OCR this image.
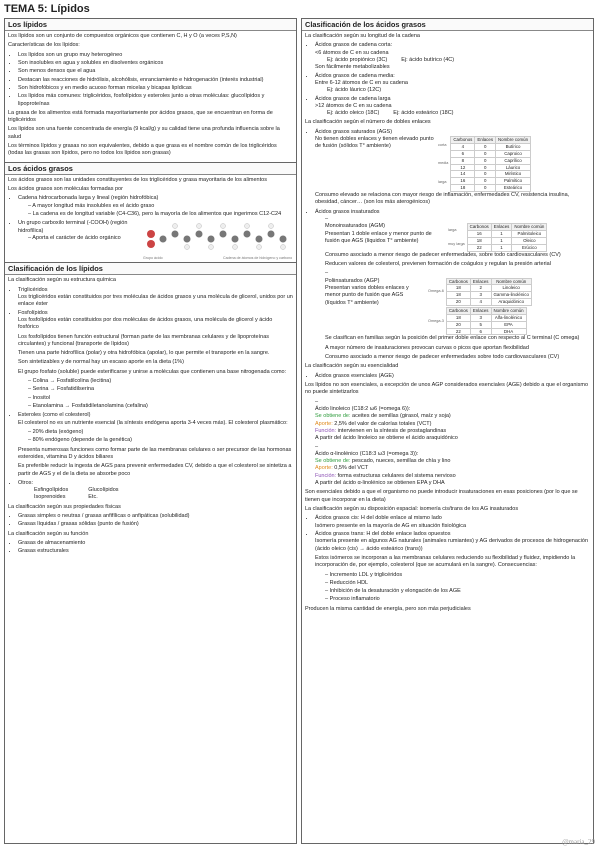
TEMA 5: Lípidos
Los lípidos

Los lípidos son un conjunto de compuestos orgánicos que contienen C, H y O (a veces P,S,N)

Características de los lípidos:

• Los lípidos son un grupo muy heterogéneo
• Son insolubles en agua y solubles en disolventes orgánicos
• Son menos densos que el agua
• Destacan las reacciones de hidrólisis, alcohólisis, enranciamiento e hidrogenación (interés industrial)
• Son hidrofóbicos y en medio acuoso forman micelas y bicapas lipídicas
• Los lípidos más comunes: triglicéridos, fosfolípidos y esteroles junto a otras moléculas: glucolípidos y lipoproteínas

La grasa de los alimentos está formada mayoritariamente por ácidos grasos, que se encuentran en forma de triglicéridos

Los lípidos son una fuente concentrada de energía (9 kcal/g) y su calidad tiene una profunda influencia sobre la salud

Los términos lípidos y grasas no son equivalentes, debido a que grasa es el nombre común de los triglicéridos (todas las grasas son lípidos, pero no todos los lípidos son grasas)

Los ácidos grasos

Los ácidos grasos son las unidades constituyentes de los triglicéridos y grasa mayoritaria de los alimentos

Los ácidos grasos son moléculas formadas por

• Cadena hidrocarbonada larga y lineal (región hidrofóbica)
– A mayor longitud más insolubles es el ácido graso
– La cadena es de longitud variable (C4-C36), pero la mayoría de los alimentos que ingerimos C12-C24
• Un grupo carboxilo terminal (-COOH) (región hidrofílica)
– Aporta el carácter de ácido orgánico
Grupo ácido	Cadena de átomos de hidrógeno y carbono
Clasificación de los lípidos

La clasificación según su estructura química

• Triglicéridos
Los triglicéridos están constituidos por tres moléculas de ácidos grasos y una molécula de glicerol, unidos por un enlace éster
• Fosfolípidos

Los fosfolípidos están constituidos por dos moléculas de ácidos grasos, una molécula de glicerol y ácido fosfórico

Los fosfolípidos tienen función estructural (forman parte de las membranas celulares y de lipoproteínas circulantes) y funcional (transporte de lípidos)

Tienen una parte hidrofílica (polar) y otra hidrofóbica (apolar), lo que permite el transporte en la sangre.

Son sintetizables y de normal hay un escaso aporte en la dieta (1%)

El grupo fosfato (soluble) puede esterificarse y unirse a moléculas que contienen una base nitrogenada como:

– Colina → Fosfatilcolina (lecitina)
– Serina → Fosfatidilserina
– Inositol
– Etanolamina → Fosfatidiletanolamina (cefalina)
• Esteroles (como el colesterol)

El colesterol no es un nutriente esencial (la síntesis endógena aporta 3-4 veces más). El colesterol plasmático:

– 20% dieta (exógeno)
– 80% endógeno (depende de la genética)

Presenta numerosas funciones como formar parte de las membranas celulares o ser precursor de las hormonas esteroides, vitamina D y ácidos biliares

Es preferible reducir la ingesta de AGS para prevenir enfermedades CV, debido a que el colesterol se sintetiza a partir de AGS y el de la dieta se absorbe poco

• Otros:
Esfingolípidos
Isoprenoides
Glucolípidos
Etc.

La clasificación según sus propiedades físicas

• Grasas simples o neutras / grasas anfifílicas o anfipáticas (solubilidad)
• Grasas líquidas / grasas sólidas (punto de fusión)

La clasificación según su función

• Grasas de almacenamiento
• Grasas estructurales
Clasificación de los ácidos grasos

La clasificación según su longitud de la cadena

• Ácidos grasos de cadena corta:
<6 átomos de C en su cadena
Ej: ácido propiónico (3C)	Ej: ácido butírico (4C)
Son fácilmente metabolizables
• Ácidos grasos de cadena media:
Entre 6-12 átomos de C en su cadena
Ej: ácido láurico (12C)
• Ácidos grasos de cadena larga
>12 átomos de C en su cadena
Ej: ácido oleico (18C)	Ej: ácido esteárico (18C)

La clasificación según el número de dobles enlaces

• Ácidos grasos saturados (AGS)

No tienen dobles enlaces y tienen elevado punto de fusión (sólidos T° ambiente)	corta
media
larga
Carbonos	Enlaces	Nombre común
4	0	Butírico
6	0	Caproico
8	0	Caprílico
12	0	Láurico
14	0	Mirístico
16	0	Palmítico
18	0	Esteárico

Consumo elevado se relaciona con mayor riesgo de inflamación, enfermedades CV, resistencia insulina, obesidad, cáncer… (son los más aterogénicos)

• Ácidos grasos insaturados
– Monoinsaturados (AGM)
Presentan 1 doble enlace y menor punto de fusión que AGS (líquidos T° ambiente)
larga
muy larga
Carbonos	Enlaces	Nombre común
16	1	Palmitoleico
18	1	Oleico
22	1	Erúcico

Consumo asociado a menor riesgo de padecer enfermedades, sobre todo cardiovasculares (CV)

Reducen valores de colesterol, previenen formación de coágulos y regulan la presión arterial

– Poliinsaturados (AGP)
Presentan varios dobles enlaces y menor punto de fusión que AGS (líquidos T° ambiente)
Omega-6
Carbonos	Enlaces	Nombre común
18	2	Linoleico
18	3	Gamma-linolénico
20	4	Araquidónico
Omega-3
Carbonos	Enlaces	Nombre común
18	3	Alfa-linolénico
20	5	EPA
22	6	DHA

Se clasifican en familias según la posición del primer doble enlace con respecto al C terminal (C omega)

A mayor número de insaturaciones provocan curvas o picos que aportan flexibilidad

Consumo asociado a menor riesgo de padecer enfermedades sobre todo cardiovasculares (CV)

La clasificación según su esencialidad

• Ácidos grasos esenciales (AGE)

Los lípidos no son esenciales, a excepción de unos AGP considerados esenciales (AGE) debido a que el organismo no puede sintetizarlos

– Ácido linoleico (C18:2 ω6 (=omega 6)):
Se obtiene de: aceites de semillas (girasol, maíz y soja)
Aporte: 2,5% del valor de calorías totales (VCT)
Función: intervienen en la síntesis de prostaglandinas
A partir del ácido linoleico se obtiene el ácido araquidónico
– Ácido α-linolénico (C18:3 ω3 (=omega 3)):
Se obtiene de: pescado, nueces, semillas de chía y lino
Aporte: 0,5% del VCT
Función: forma estructuras celulares del sistema nervioso
A partir del ácido α-linolénico se obtienen EPA y DHA

Son esenciales debido a que el organismo no puede introducir insaturaciones en esas posiciones (por lo que se tienen que incorporar en la dieta)

La clasificación según su disposición espacial: isomería cis/trans de los AG insaturados

• Ácidos grasos cis: H del doble enlace al mismo lado
Isómero presente en la mayoría de AG en situación fisiológica
• Ácidos grasos trans: H del doble enlace lados opuestos

Isomería presente en algunos AG naturales (animales rumiantes) y AG derivados de procesos de hidrogenación (ácido oleico (cis) → ácido esteárico (trans))

Estos isómeros se incorporan a las membranas celulares reduciendo su flexibilidad y fluidez, impidiendo la incorporación de, por ejemplo, colesterol (que se acumulará en la sangre). Consecuencias:

– Incremento LDL y triglicéridos
– Reducción HDL
– Inhibición de la desaturación y elongación de los AGE
– Proceso inflamatorio

Producen la misma cantidad de energía, pero son más perjudiciales

@maria_29
